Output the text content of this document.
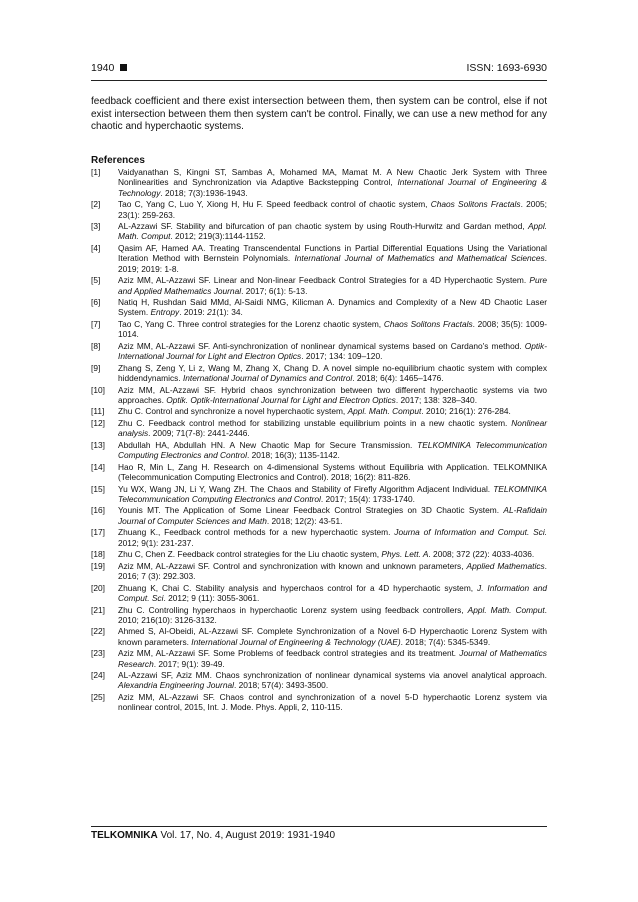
1940	ISSN: 1693-6930

feedback coefficient and there exist intersection between them, then system can be control, else if not exist intersection between them then system can't be control. Finally, we can use a new method for any chaotic and hyperchaotic systems.

References
[1]	Vaidyanathan S, Kingni ST, Sambas A, Mohamed MA, Mamat M. A New Chaotic Jerk System with Three Nonlinearities and Synchronization via Adaptive Backstepping Control, International Journal of Engineering & Technology. 2018; 7(3):1936-1943.
[2]	Tao C, Yang C, Luo Y, Xiong H, Hu F. Speed feedback control of chaotic system, Chaos Solitons Fractals. 2005; 23(1): 259-263.
[3]	AL-Azzawi SF. Stability and bifurcation of pan chaotic system by using Routh-Hurwitz and Gardan method, Appl. Math. Comput. 2012; 219(3):1144-1152.
[4]	Qasim AF, Hamed AA. Treating Transcendental Functions in Partial Differential Equations Using the Variational Iteration Method with Bernstein Polynomials. International Journal of Mathematics and Mathematical Sciences. 2019; 2019: 1-8.
[5]	Aziz MM, AL-Azzawi SF. Linear and Non-linear Feedback Control Strategies for a 4D Hyperchaotic System. Pure and Applied Mathematics Journal. 2017; 6(1): 5-13.
[6]	Natiq H, Rushdan Said MMd, Al-Saidi NMG, Kilicman A. Dynamics and Complexity of a New 4D Chaotic Laser System. Entropy. 2019: 21(1): 34.
[7]	Tao C, Yang C. Three control strategies for the Lorenz chaotic system, Chaos Solitons Fractals. 2008; 35(5): 1009-1014.
[8]	Aziz MM, AL-Azzawi SF. Anti-synchronization of nonlinear dynamical systems based on Cardano's method. Optik-International Journal for Light and Electron Optics. 2017; 134: 109–120.
[9]	Zhang S, Zeng Y, Li z, Wang M, Zhang X, Chang D. A novel simple no-equilibrium chaotic system with complex hiddendynamics. International Journal of Dynamics and Control. 2018; 6(4): 1465–1476.
[10]	Aziz MM, AL-Azzawi SF. Hybrid chaos synchronization between two different hyperchaotic systems via two approaches. Optik. Optik-International Journal for Light and Electron Optics. 2017; 138: 328–340.
[11]	Zhu C. Control and synchronize a novel hyperchaotic system, Appl. Math. Comput. 2010; 216(1): 276-284.
[12]	Zhu C. Feedback control method for stabilizing unstable equilibrium points in a new chaotic system. Nonlinear analysis. 2009; 71(7-8): 2441-2446.
[13]	Abdullah HA, Abdullah HN. A New Chaotic Map for Secure Transmission. TELKOMNIKA Telecommunication Computing Electronics and Control. 2018; 16(3); 1135-1142.
[14]	Hao R, Min L, Zang H. Research on 4-dimensional Systems without Equilibria with Application. TELKOMNIKA (Telecommunication Computing Electronics and Control). 2018; 16(2): 811-826.
[15]	Yu WX, Wang JN, Li Y, Wang ZH. The Chaos and Stability of Firefly Algorithm Adjacent Individual. TELKOMNIKA Telecommunication Computing Electronics and Control. 2017; 15(4): 1733-1740.
[16]	Younis MT. The Application of Some Linear Feedback Control Strategies on 3D Chaotic System. AL-Rafidain Journal of Computer Sciences and Math. 2018; 12(2): 43-51.
[17]	Zhuang K., Feedback control methods for a new hyperchaotic system. Journa of Information and Comput. Sci. 2012; 9(1): 231-237.
[18]	Zhu C, Chen Z. Feedback control strategies for the Liu chaotic system, Phys. Lett. A. 2008; 372 (22): 4033-4036.
[19]	Aziz MM, AL-Azzawi SF. Control and synchronization with known and unknown parameters, Applied Mathematics. 2016; 7 (3): 292.303.
[20]	Zhuang K, Chai C. Stability analysis and hyperchaos control for a 4D hyperchaotic system, J. Information and Comput. Sci. 2012; 9 (11): 3055-3061.
[21]	Zhu C. Controlling hyperchaos in hyperchaotic Lorenz system using feedback controllers, Appl. Math. Comput. 2010; 216(10): 3126-3132.
[22]	Ahmed S, Al-Obeidi, AL-Azzawi SF. Complete Synchronization of a Novel 6-D Hyperchaotic Lorenz System with known parameters. International Journal of Engineering & Technology (UAE). 2018; 7(4): 5345-5349.
[23]	Aziz MM, AL-Azzawi SF. Some Problems of feedback control strategies and its treatment. Journal of Mathematics Research. 2017; 9(1): 39-49.
[24]	AL-Azzawi SF, Aziz MM. Chaos synchronization of nonlinear dynamical systems via anovel analytical approach. Alexandria Engineering Journal. 2018; 57(4): 3493-3500.
[25]	Aziz MM, AL-Azzawi SF. Chaos control and synchronization of a novel 5-D hyperchaotic Lorenz system via nonlinear control, 2015, Int. J. Mode. Phys. Appli, 2, 110-115.
TELKOMNIKA Vol. 17, No. 4, August 2019: 1931-1940
